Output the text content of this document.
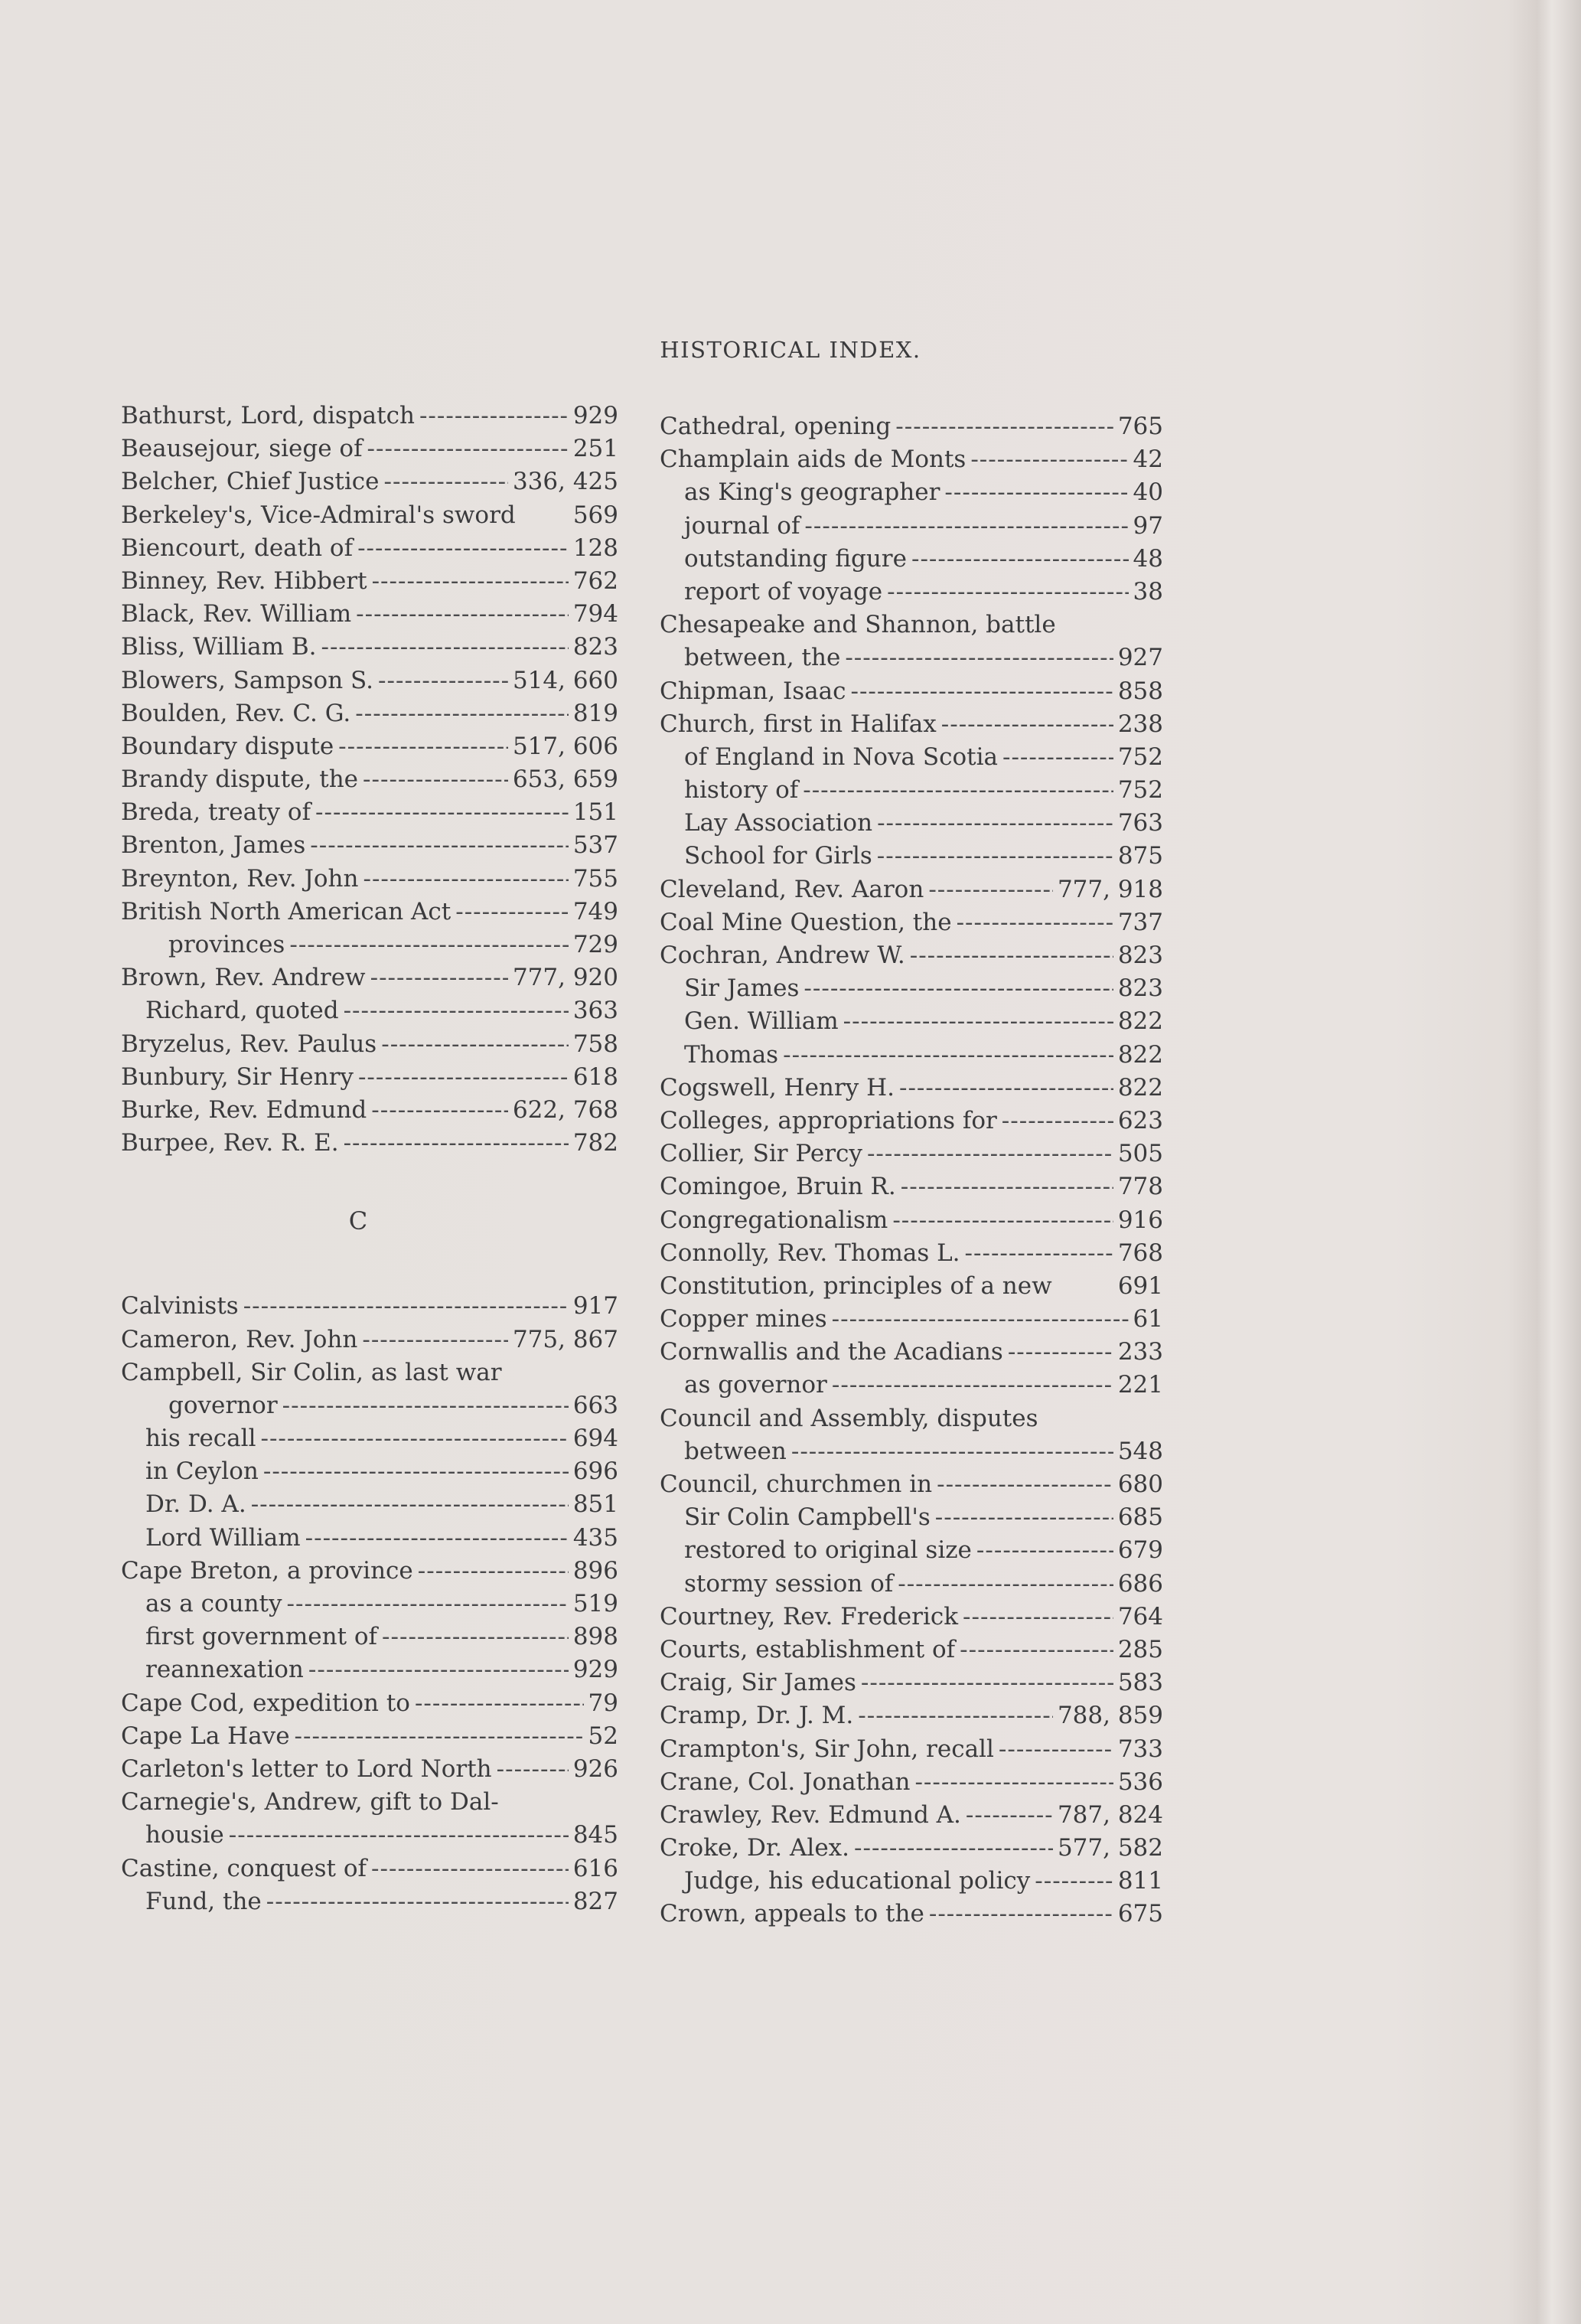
HISTORICAL INDEX.
Bathurst, Lord, dispatch -----	929
Beausejour, siege of -----	251
Belcher, Chief Justice -----	336, 425
Berkeley's, Vice-Admiral's sword	569
Biencourt, death of -----	128
Binney, Rev. Hibbert -----	762
Black, Rev. William -----	794
Bliss, William B. -----	823
Blowers, Sampson S. -----	514, 660
Boulden, Rev. C. G. -----	819
Boundary dispute -----	517, 606
Brandy dispute, the -----	653, 659
Breda, treaty of -----	151
Brenton, James -----	537
Breynton, Rev. John -----	755
British North American Act -----	749
provinces -----	729
Brown, Rev. Andrew -----	777, 920
Richard, quoted -----	363
Bryzelus, Rev. Paulus -----	758
Bunbury, Sir Henry -----	618
Burke, Rev. Edmund -----	622, 768
Burpee, Rev. R. E. -----	782
C
Calvinists -----	917
Cameron, Rev. John -----	775, 867
Campbell, Sir Colin, as last war
governor -----	663
his recall -----	694
in Ceylon -----	696
Dr. D. A. -----	851
Lord William -----	435
Cape Breton, a province -----	896
as a county -----	519
first government of -----	898
reannexation -----	929
Cape Cod, expedition to -----	79
Cape La Have -----	52
Carleton's letter to Lord North -----	926
Carnegie's, Andrew, gift to Dal-
housie -----	845
Castine, conquest of -----	616
Fund, the -----	827
Cathedral, opening -----	765
Champlain aids de Monts -----	42
as King's geographer -----	40
journal of -----	97
outstanding figure -----	48
report of voyage -----	38
Chesapeake and Shannon, battle
between, the -----	927
Chipman, Isaac -----	858
Church, first in Halifax -----	238
of England in Nova Scotia -----	752
history of -----	752
Lay Association -----	763
School for Girls -----	875
Cleveland, Rev. Aaron -----	777, 918
Coal Mine Question, the -----	737
Cochran, Andrew W. -----	823
Sir James -----	823
Gen. William -----	822
Thomas -----	822
Cogswell, Henry H. -----	822
Colleges, appropriations for -----	623
Collier, Sir Percy -----	505
Comingoe, Bruin R. -----	778
Congregationalism -----	916
Connolly, Rev. Thomas L. -----	768
Constitution, principles of a new	691
Copper mines -----	61
Cornwallis and the Acadians -----	233
as governor -----	221
Council and Assembly, disputes
between -----	548
Council, churchmen in -----	680
Sir Colin Campbell's -----	685
restored to original size -----	679
stormy session of -----	686
Courtney, Rev. Frederick -----	764
Courts, establishment of -----	285
Craig, Sir James -----	583
Cramp, Dr. J. M. -----	788, 859
Crampton's, Sir John, recall -----	733
Crane, Col. Jonathan -----	536
Crawley, Rev. Edmund A. -----	787, 824
Croke, Dr. Alex. -----	577, 582
Judge, his educational policy -----	811
Crown, appeals to the -----	675
